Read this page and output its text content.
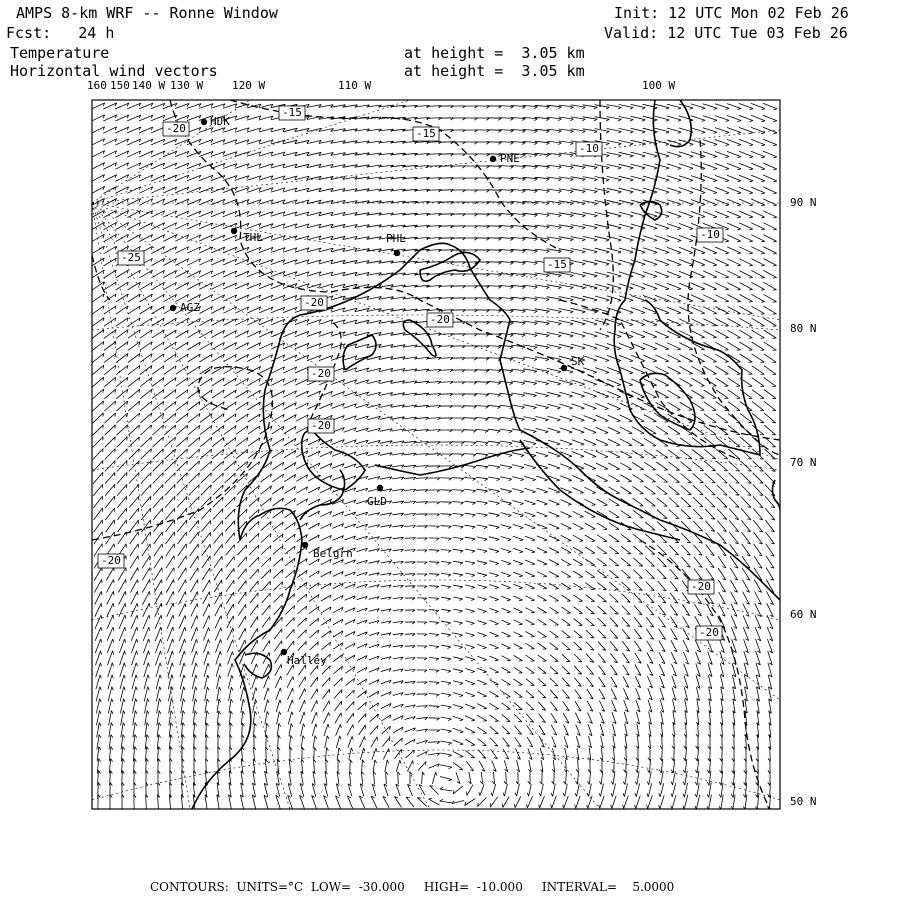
AMPS 8-km WRF -- Ronne Window	Init: 12 UTC Mon 02 Feb 26
Fcst:   24 h	Valid: 12 UTC Tue 03 Feb 26
Temperature	at height =  3.05 km
Horizontal wind vectors	at height =  3.05 km
160 150 140 W 130 W	120 W	110 W	100 W
90 N
80 N
70 N
60 N
50 N
-20
-15
-15
-10
-10
-15
-25
-20
-20
-20
-20
-20
-20
-20
HDK
PNE
THL	PHL
AGZ
SK
GLD
Belgrn
Halley
CONTOURS: UNITS=°C LOW=  -30.000 HIGH=  -10.000 INTERVAL=    5.0000
